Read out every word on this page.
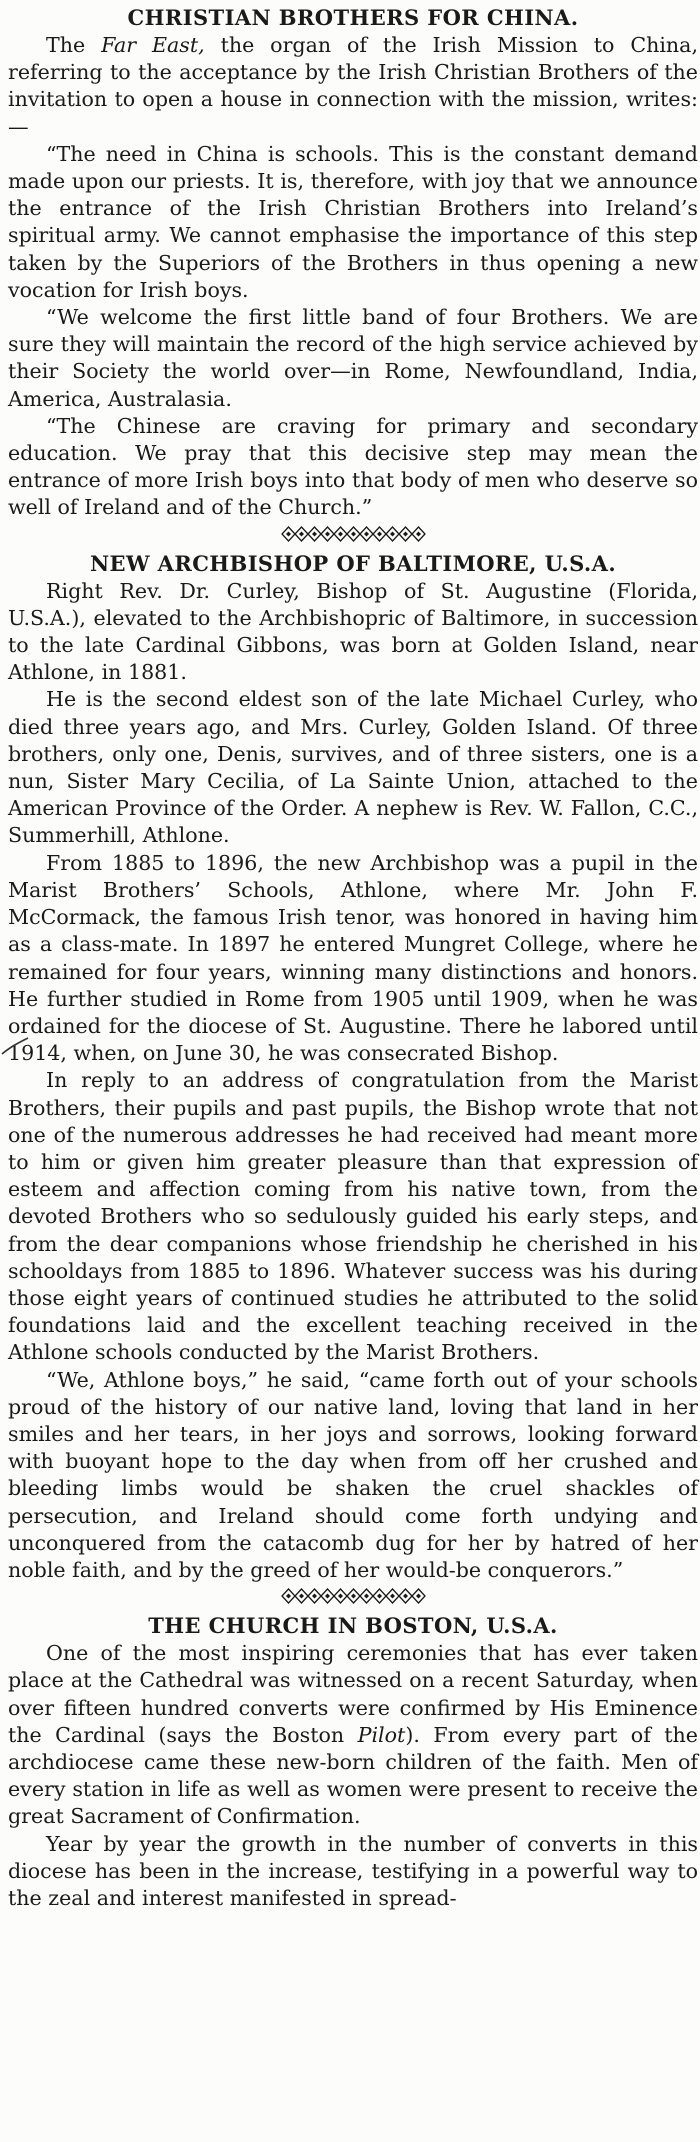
CHRISTIAN BROTHERS FOR CHINA.

The Far East, the organ of the Irish Mission to China, referring to the acceptance by the Irish Christian Brothers of the invitation to open a house in connection with the mission, writes:—

“The need in China is schools. This is the constant demand made upon our priests. It is, therefore, with joy that we announce the entrance of the Irish Christian Brothers into Ireland’s spiritual army. We cannot emphasise the importance of this step taken by the Superiors of the Brothers in thus opening a new vocation for Irish boys.

“We welcome the first little band of four Brothers. We are sure they will maintain the record of the high service achieved by their Society the world over—in Rome, Newfoundland, India, America, Australasia.

“The Chinese are craving for primary and secondary education. We pray that this decisive step may mean the entrance of more Irish boys into that body of men who deserve so well of Ireland and of the Church.”

NEW ARCHBISHOP OF BALTIMORE, U.S.A.

Right Rev. Dr. Curley, Bishop of St. Augustine (Florida, U.S.A.), elevated to the Archbishopric of Baltimore, in succession to the late Cardinal Gibbons, was born at Golden Island, near Athlone, in 1881.

He is the second eldest son of the late Michael Curley, who died three years ago, and Mrs. Curley, Golden Island. Of three brothers, only one, Denis, survives, and of three sisters, one is a nun, Sister Mary Cecilia, of La Sainte Union, attached to the American Province of the Order. A nephew is Rev. W. Fallon, C.C., Summerhill, Athlone.

From 1885 to 1896, the new Archbishop was a pupil in the Marist Brothers’ Schools, Athlone, where Mr. John F. McCormack, the famous Irish tenor, was honored in having him as a class-mate. In 1897 he entered Mungret College, where he remained for four years, winning many distinctions and honors. He further studied in Rome from 1905 until 1909, when he was ordained for the diocese of St. Augustine. There he labored until 1914, when, on June 30, he was consecrated Bishop.

In reply to an address of congratulation from the Marist Brothers, their pupils and past pupils, the Bishop wrote that not one of the numerous addresses he had received had meant more to him or given him greater pleasure than that expression of esteem and affection coming from his native town, from the devoted Brothers who so sedulously guided his early steps, and from the dear companions whose friendship he cherished in his schooldays from 1885 to 1896. Whatever success was his during those eight years of continued studies he attributed to the solid foundations laid and the excellent teaching received in the Athlone schools conducted by the Marist Brothers.

“We, Athlone boys,” he said, “came forth out of your schools proud of the history of our native land, loving that land in her smiles and her tears, in her joys and sorrows, looking forward with buoyant hope to the day when from off her crushed and bleeding limbs would be shaken the cruel shackles of persecution, and Ireland should come forth undying and unconquered from the catacomb dug for her by hatred of her noble faith, and by the greed of her would-be conquerors.”

THE CHURCH IN BOSTON, U.S.A.

One of the most inspiring ceremonies that has ever taken place at the Cathedral was witnessed on a recent Saturday, when over fifteen hundred converts were confirmed by His Eminence the Cardinal (says the Boston Pilot). From every part of the archdiocese came these new-born children of the faith. Men of every station in life as well as women were present to receive the great Sacrament of Confirmation.

Year by year the growth in the number of converts in this diocese has been in the increase, testifying in a powerful way to the zeal and interest manifested in spread-
